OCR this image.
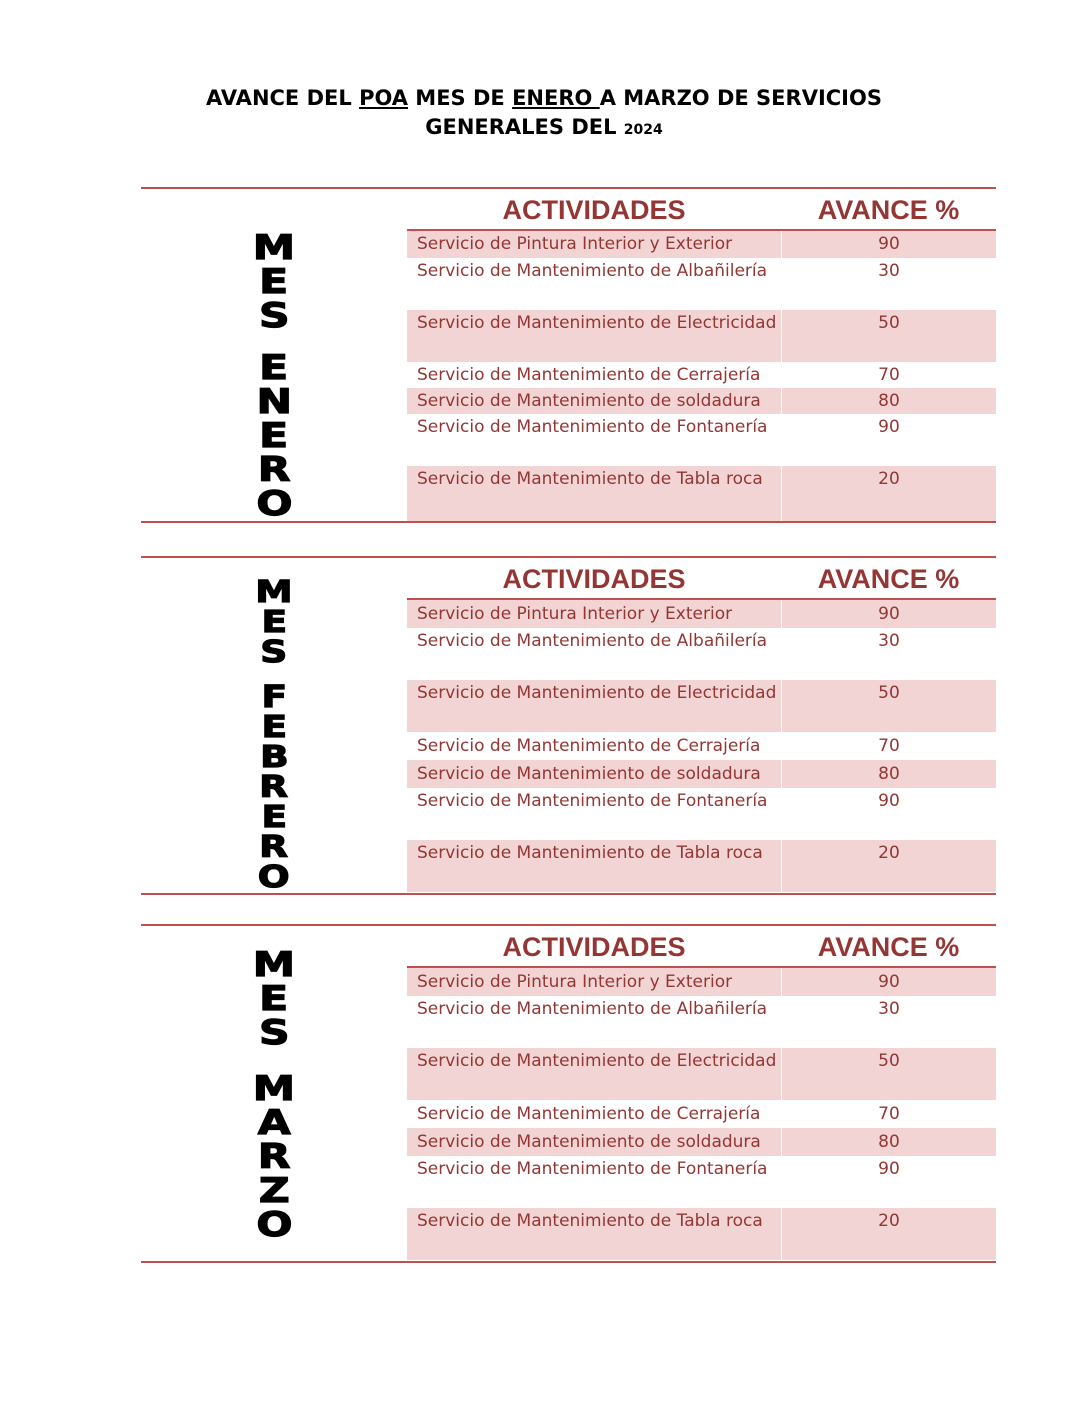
AVANCE DEL POA MES DE ENERO A MARZO DE SERVICIOS
GENERALES DEL 2024
M
E
S
E
N
E
R
O
ACTIVIDADES	AVANCE %
Servicio de Pintura Interior y Exterior	90
Servicio de Mantenimiento de Albañilería	30
Servicio de Mantenimiento de Electricidad	50
Servicio de Mantenimiento de Cerrajería	70
Servicio de Mantenimiento de soldadura	80
Servicio de Mantenimiento de Fontanería	90
Servicio de Mantenimiento de Tabla roca	20
M
E
S
F
E
B
R
E
R
O
ACTIVIDADES	AVANCE %
Servicio de Pintura Interior y Exterior	90
Servicio de Mantenimiento de Albañilería	30
Servicio de Mantenimiento de Electricidad	50
Servicio de Mantenimiento de Cerrajería	70
Servicio de Mantenimiento de soldadura	80
Servicio de Mantenimiento de Fontanería	90
Servicio de Mantenimiento de Tabla roca	20
M
E
S
M
A
R
Z
O
ACTIVIDADES	AVANCE %
Servicio de Pintura Interior y Exterior	90
Servicio de Mantenimiento de Albañilería	30
Servicio de Mantenimiento de Electricidad	50
Servicio de Mantenimiento de Cerrajería	70
Servicio de Mantenimiento de soldadura	80
Servicio de Mantenimiento de Fontanería	90
Servicio de Mantenimiento de Tabla roca	20
